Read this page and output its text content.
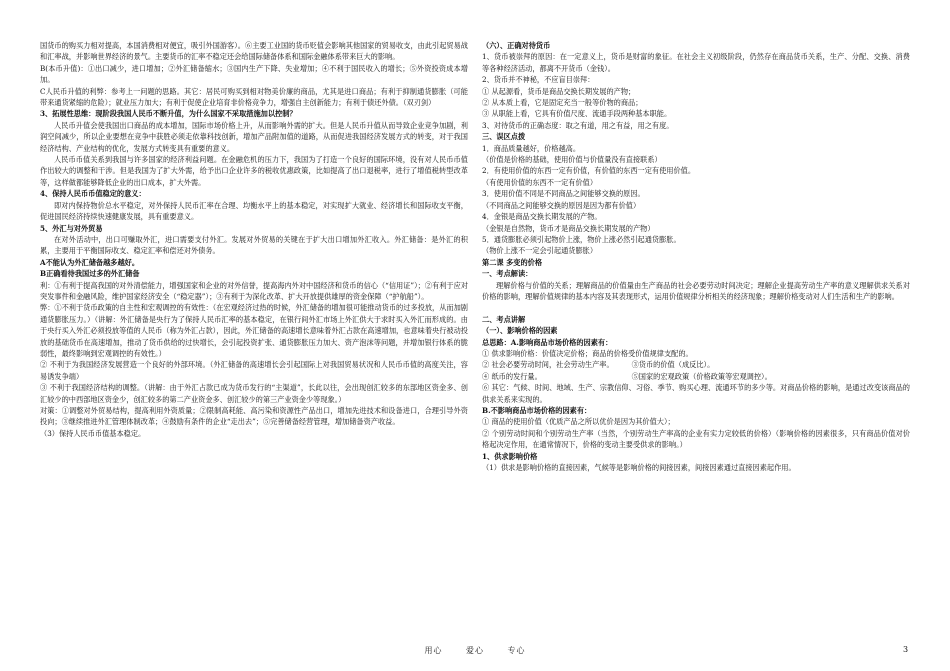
国货币的购买力相对提高，本国消费相对便宜，吸引外国游客）。⑥主要工业国的货币贬值会影响其他国家的贸易收支，由此引起贸易战和汇率战，并影响世界经济的景气。主要货币的汇率不稳定还会给国际储备体系和国际金融体系带来巨大的影响。

B(本币升值)：①出口减少，进口增加；②外汇储备缩水；③国内生产下降、失业增加；④不利于国民收入的增长；⑤外资投资成本增加。

C人民币升值的利弊：参考上一问题的思路。其它：居民可购买到相对物美价廉的商品，尤其是进口商品；有利于抑制通货膨胀（可能带来通货紧缩的危险）；就业压力加大；有利于促使企业培育非价格竞争力，增强自主创新能力；有利于债还外债。（双刃剑）

3、拓展性思维：现阶段我国人民币不断升值，为什么国家不采取措施加以控制？

人民币升值会使我国出口商品的成本增加，国际市场价格上升，从而影响外需的扩大。但是人民币升值从而导致企业竞争加剧，利润空间减少，所以企业要想在竞争中获胜必须走依靠科技创新，增加产品附加值的道路，从而促进我国经济发展方式的转变，对于我国经济结构、产业结构的优化，发展方式转变具有重要的意义。

人民币币值关系到我国与许多国家的经济利益问题。在金融危机的压力下，我国为了打造一个良好的国际环境，没有对人民币币值作出较大的调整和干涉。但是我国为了扩大外需，给予出口企业许多的税收优惠政策，比如提高了出口退税率，进行了增值税转型改革等，这样做都能够降低企业的出口成本，扩大外需。

4、保持人民币币值稳定的意义：

即对内保持物价总水平稳定，对外保持人民币汇率在合理、均衡水平上的基本稳定，对实现扩大就业、经济增长和国际收支平衡，促进国民经济持续快速健康发展，具有重要意义。

5、外汇与对外贸易

在对外活动中，出口可赚取外汇，进口需要支付外汇。发展对外贸易的关键在于扩大出口增加外汇收入。外汇储备：是外汇的积累，主要用于平衡国际收支、稳定汇率和偿还对外债务。

A不能认为外汇储备越多越好。

B正确看待我国过多的外汇储备

利：①有利于提高我国的对外清偿能力，增强国家和企业的对外信誉，提高海内外对中国经济和货币的信心（“信用证”）；②有利于应对突发事件和金融风险，维护国家经济安全（“稳定器”）；③有利于为深化改革、扩大开放提供雄厚的资金保障（“护航船”）。

弊：①不利于货币政策的自主性和宏观调控的有效性：（在宏观经济过热的时候，外汇储备的增加很可能推动货币的过多投放，从而加剧通货膨胀压力。）（讲解：外汇储备是央行为了保持人民币汇率的基本稳定，在银行间外汇市场上外汇供大于求时买入外汇而形成的。由于央行买入外汇必须投放等值的人民币（称为外汇占款），因此，外汇储备的高速增长意味着外汇占款在高速增加，也意味着央行被动投放的基础货币在高速增加，推动了货币供给的过快增长，会引起投资扩张、通货膨胀压力加大、资产泡沫等问题，并增加银行体系的脆弱性，最终影响到宏观调控的有效性。）

② 不利于为我国经济发展营造一个良好的外部环境。（外汇储备的高速增长会引起国际上对我国贸易状况和人民币币值的高度关注，容易诱发争端）

③ 不利于我国经济结构的调整。（讲解：由于外汇占款已成为货币发行的“主渠道”，长此以往，会出现创汇较多的东部地区资金多、创汇较少的中西部地区资金少，创汇较多的第二产业资金多、创汇较少的第三产业资金少等现象。）

对策：①调整对外贸易结构，提高利用外资质量；②限制高耗能、高污染和资源性产品出口，增加先进技术和设备进口，合理引导外资投向；③继续推进外汇管理体制改革；④鼓励有条件的企业“走出去”；⑤完善储备经营管理，增加储备资产收益。

（3）保持人民币币值基本稳定。

（六）、正确对待货币

1、货币被崇拜的原因：在一定意义上，货币是财富的象征。在社会主义初级阶段，仍然存在商品货币关系，生产、分配、交换、消费等各种经济活动，都离不开货币（金钱）。

2、货币并不神秘，不应盲目崇拜：

① 从起源看，货币是商品交换长期发展的产物；

② 从本质上看，它是固定充当一般等价物的商品；

③ 从职能上看，它具有价值尺度、流通手段两种基本职能。

3、对待货币的正确态度：取之有道，用之有益，用之有度。

三、误区点拨

1．商品质量越好，价格越高。

（价值是价格的基础，使用价值与价值量没有直接联系）

2．有使用价值的东西一定有价值，有价值的东西一定有使用价值。

（有使用价值的东西不一定有价值）

3．使用价值不同是不同商品之间能够交换的原因。

（不同商品之间能够交换的原因是因为都有价值）

4．金银是商品交换长期发展的产物。

（金银是自然物，货币才是商品交换长期发展的产物）

5．通货膨胀必须引起物价上涨，物价上涨必然引起通货膨胀。

（物价上涨不一定会引起通货膨胀）

第二课 多变的价格

一、考点解读：

理解价格与价值的关系；理解商品的价值量由生产商品的社会必要劳动时间决定；理解企业提高劳动生产率的意义理解供求关系对价格的影响，理解价值规律的基本内容及其表现形式，运用价值规律分析相关的经济现象；理解价格变动对人们生活和生产的影响。

二、考点讲解

（一）、影响价格的因素

总思路：A.影响商品市场价格的因素有：

① 供求影响价格：价值决定价格；商品的价格受价值规律支配的。

② 社会必要劳动时间，社会劳动生产率。　　　③货币的价值（成反比）。

④ 纸币的发行量。　　　　　　　　　　　　　⑤国家的宏观政策（价格政策等宏观调控）。

⑥ 其它：气候、时间、地域、生产、宗教信仰、习俗、季节、购买心理、流通环节的多少等。对商品价格的影响，是通过改变该商品的供求关系来实现的。

B.不影响商品市场价格的因素有：

① 商品的使用价值（优质产品之所以优价是因为其价值大）；

② 个别劳动时间和个别劳动生产率（当然，个别劳动生产率高的企业有实力定较低的价格）（影响价格的因素很多，只有商品价值对价格起决定作用，在通常情况下，价格的变动主要受供求的影响。）

1、供求影响价格

（1）供求是影响价格的直接因素，气候等是影响价格的间接因素，间接因素通过直接因素起作用。

用心	爱心	专心	3
